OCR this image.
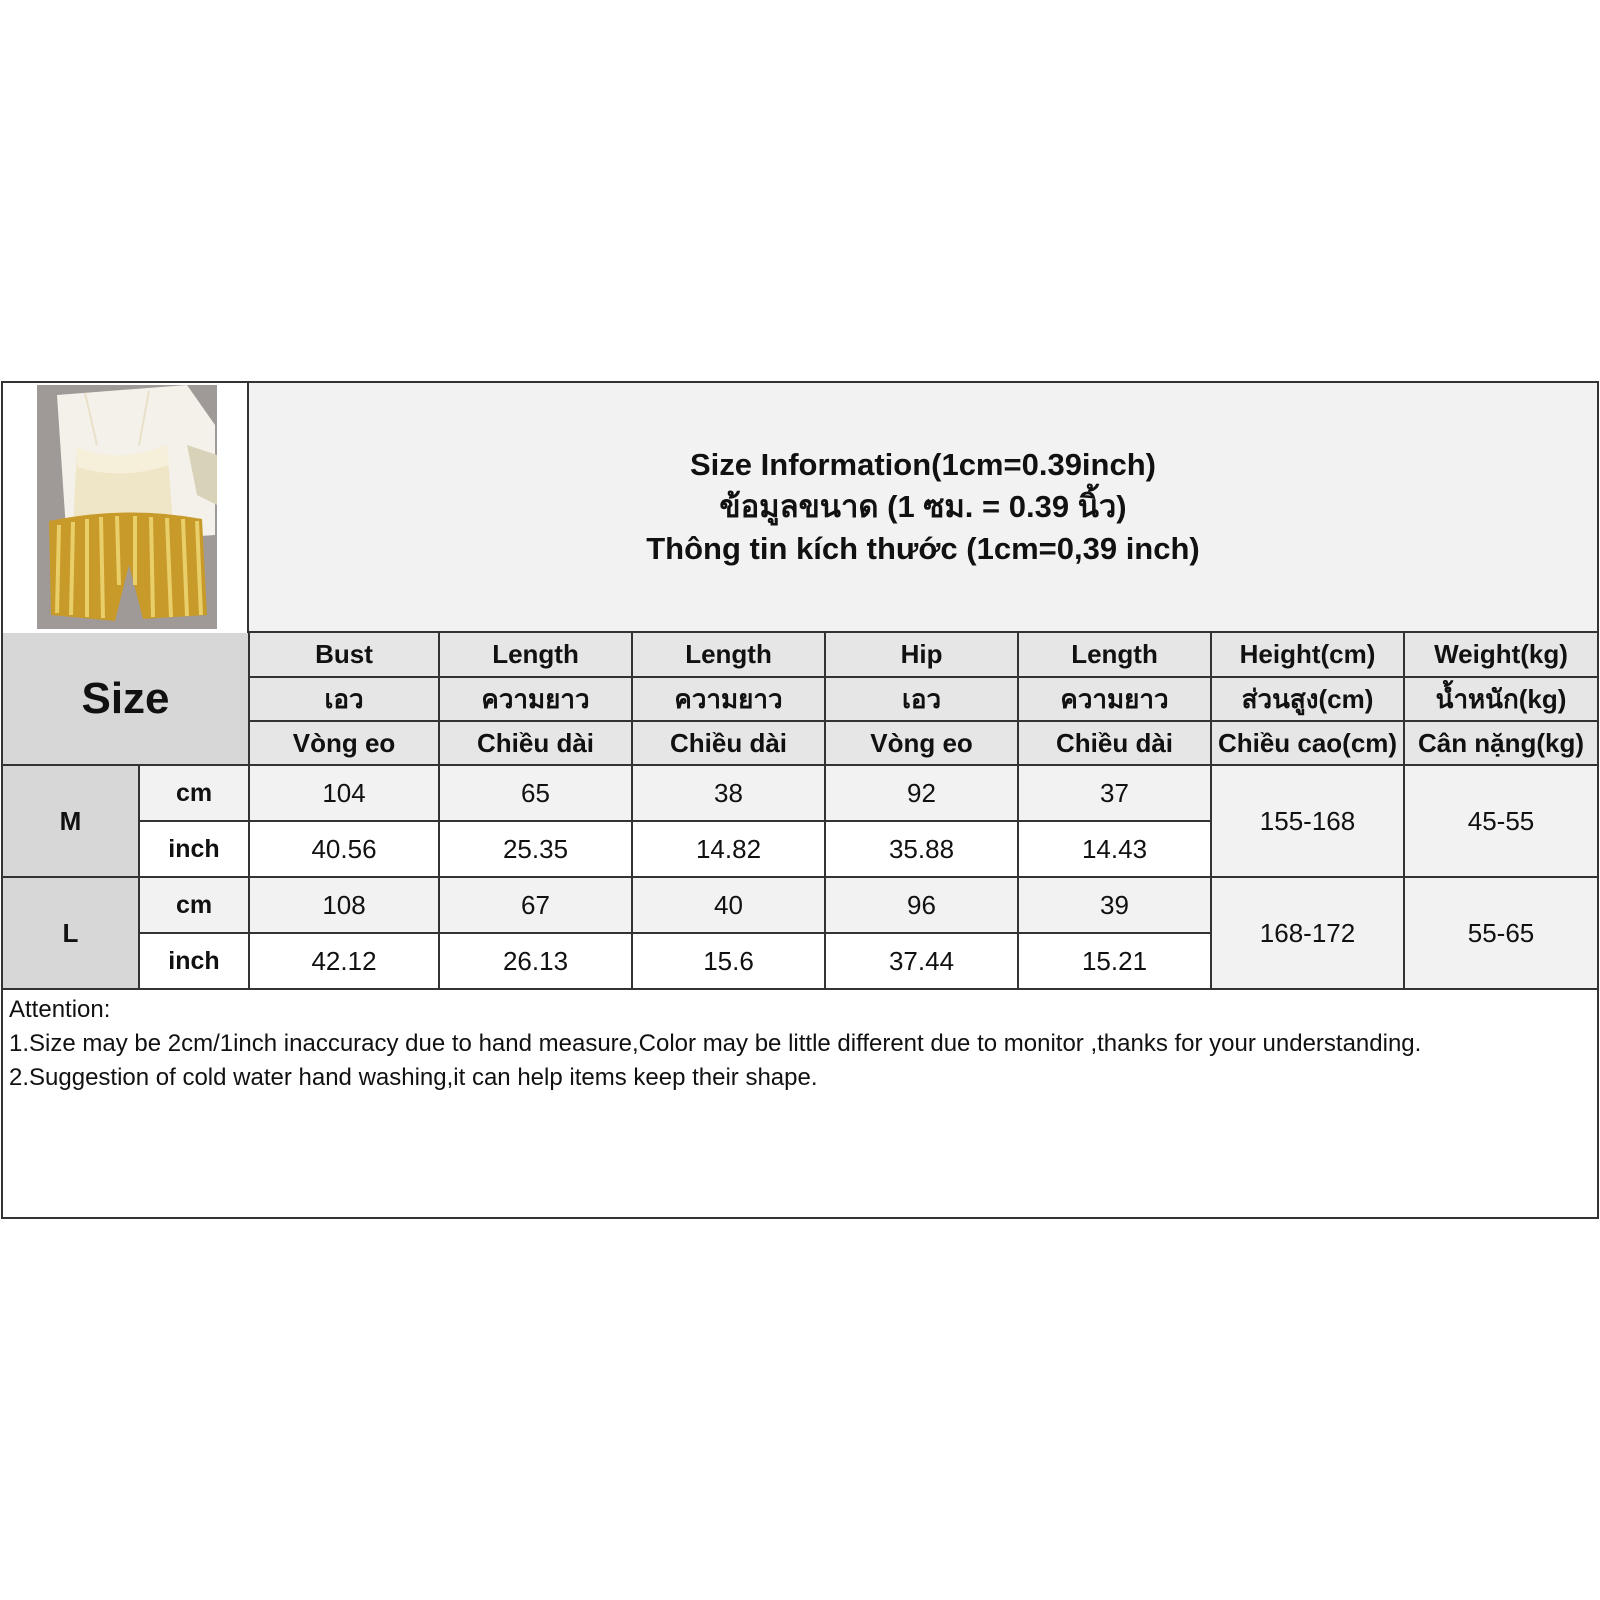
Size Information(1cm=0.39inch)
ข้อมูลขนาด (1 ซม. = 0.39 นิ้ว)
Thông tin kích thước (1cm=0,39 inch)
Size		Bust	Length	Length	Hip	Length	Height(cm)	Weight(kg)
		เอว	ความยาว	ความยาว	เอว	ความยาว	ส่วนสูง(cm)	น้ำหนัก(kg)
		Vòng eo	Chiều dài	Chiều dài	Vòng eo	Chiều dài	Chiều cao(cm)	Cân nặng(kg)
M	cm	104	65	38	92	37	155-168	45-55
	inch	40.56	25.35	14.82	35.88	14.43		
L	cm	108	67	40	96	39	168-172	55-65
	inch	42.12	26.13	15.6	37.44	15.21		
Attention:
1.Size may be 2cm/1inch inaccuracy due to hand measure,Color may be little different due to monitor ,thanks for your understanding.
2.Suggestion of cold water hand washing,it can help items keep their shape.
